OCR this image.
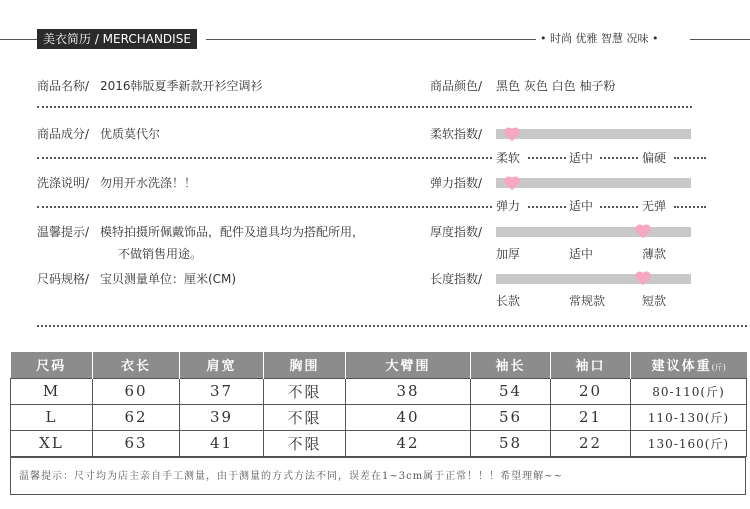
美衣简历 / MERCHANDISE	• 时尚 优雅 智慧 况味 •
商品名称/ 2016韩版夏季新款开衫空调衫	商品颜色/ 黑色 灰色 白色 柚子粉
商品成分/ 优质莫代尔	柔软指数/
柔软	适中	偏硬
洗涤说明/ 勿用开水洗涤！！	弹力指数/
弹力	适中	无弹
温馨提示/ 模特拍摄所佩戴饰品，配件及道具均为搭配所用，
不做销售用途。
厚度指数/
加厚	适中	薄款
尺码规格/ 宝贝测量单位：厘米(CM)	长度指数/
长款	常规款	短款
尺码	衣长	肩宽	胸围	大臂围	袖长	袖口	建议体重(斤)
M	60	37	不限	38	54	20	80-110(斤)
L	62	39	不限	40	56	21	110-130(斤)
XL	63	41	不限	42	58	22	130-160(斤)
温馨提示：尺寸均为店主亲自手工测量，由于测量的方式方法不同，误差在1~3cm属于正常！！！希望理解~~
